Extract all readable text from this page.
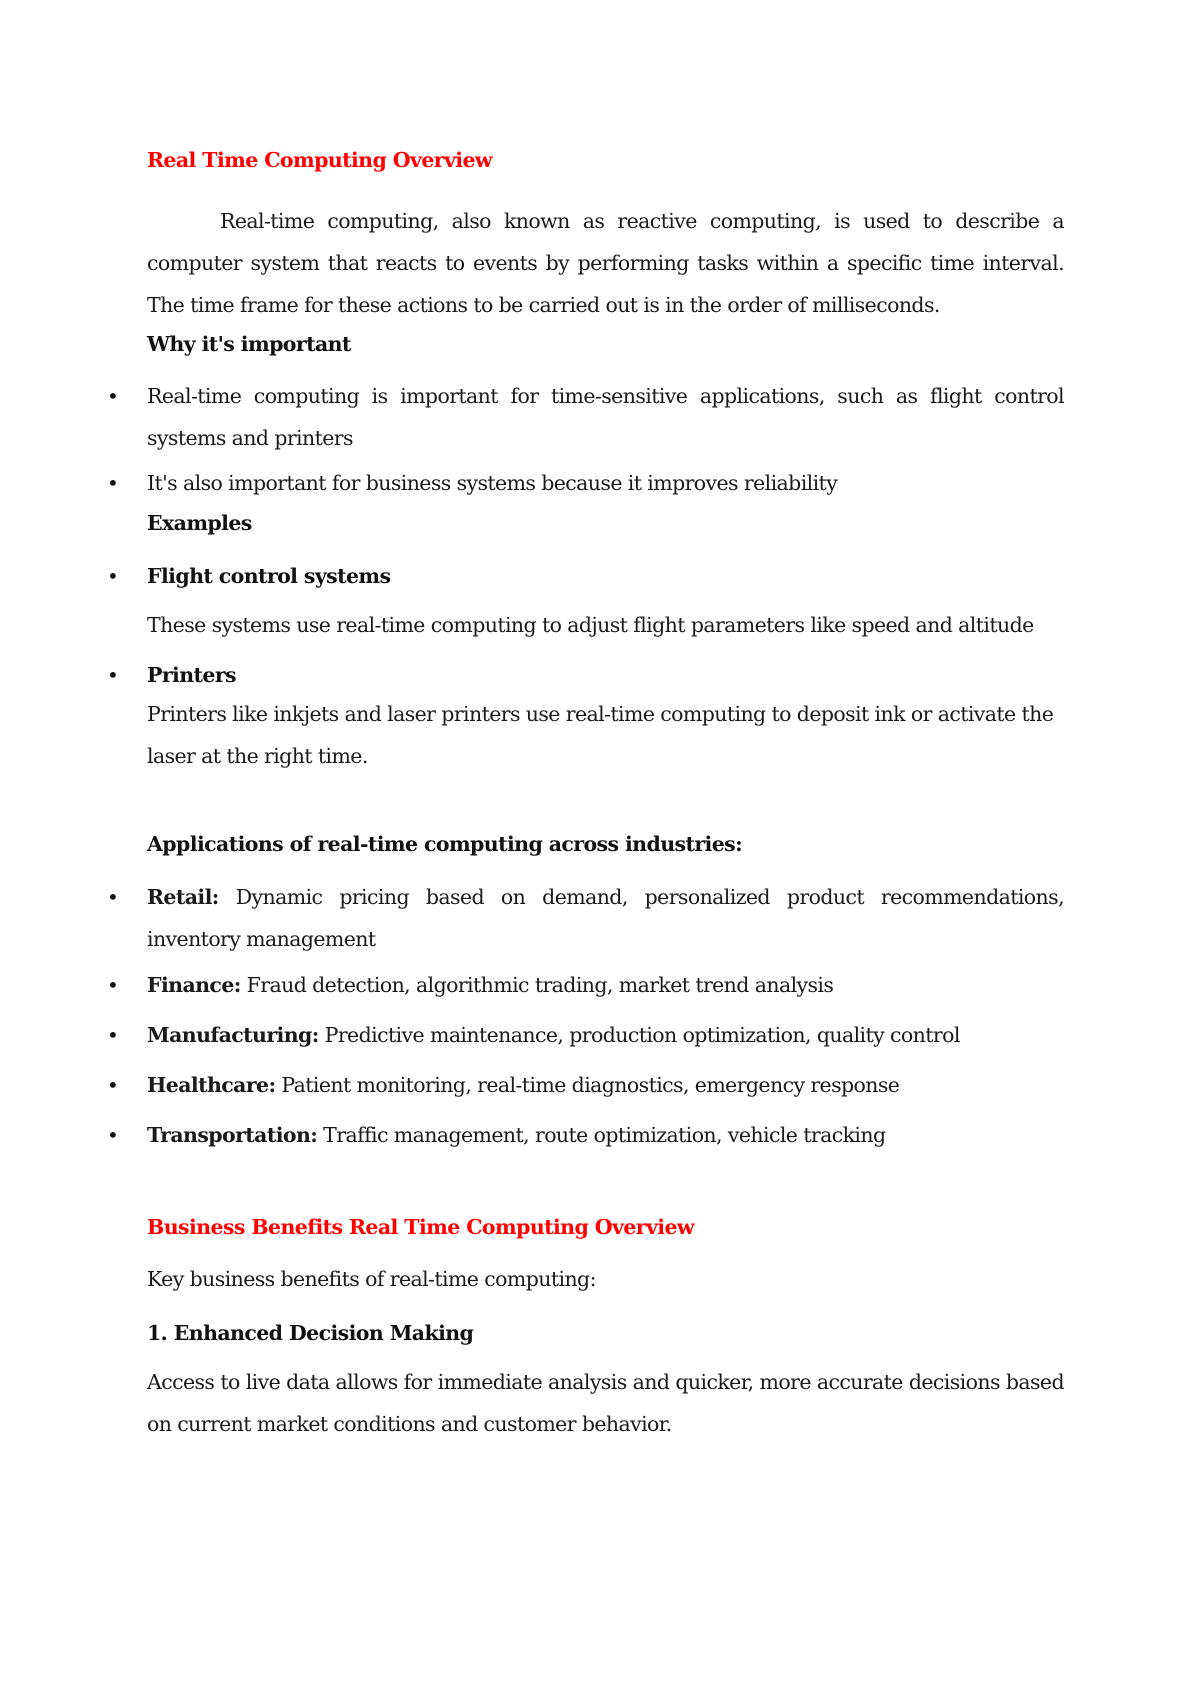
Real Time Computing Overview

Real-time computing, also known as reactive computing, is used to describe a computer system that reacts to events by performing tasks within a specific time interval. The time frame for these actions to be carried out is in the order of milliseconds.

Why it's important

• Real-time computing is important for time-sensitive applications, such as flight control systems and printers

• It's also important for business systems because it improves reliability

Examples

• Flight control systems

These systems use real-time computing to adjust flight parameters like speed and altitude

• Printers

Printers like inkjets and laser printers use real-time computing to deposit ink or activate the laser at the right time.

Applications of real-time computing across industries:

• Retail: Dynamic pricing based on demand, personalized product recommendations, inventory management

• Finance: Fraud detection, algorithmic trading, market trend analysis

• Manufacturing: Predictive maintenance, production optimization, quality control

• Healthcare: Patient monitoring, real-time diagnostics, emergency response

• Transportation: Traffic management, route optimization, vehicle tracking

Business Benefits Real Time Computing Overview

Key business benefits of real-time computing:

1. Enhanced Decision Making

Access to live data allows for immediate analysis and quicker, more accurate decisions based on current market conditions and customer behavior.
